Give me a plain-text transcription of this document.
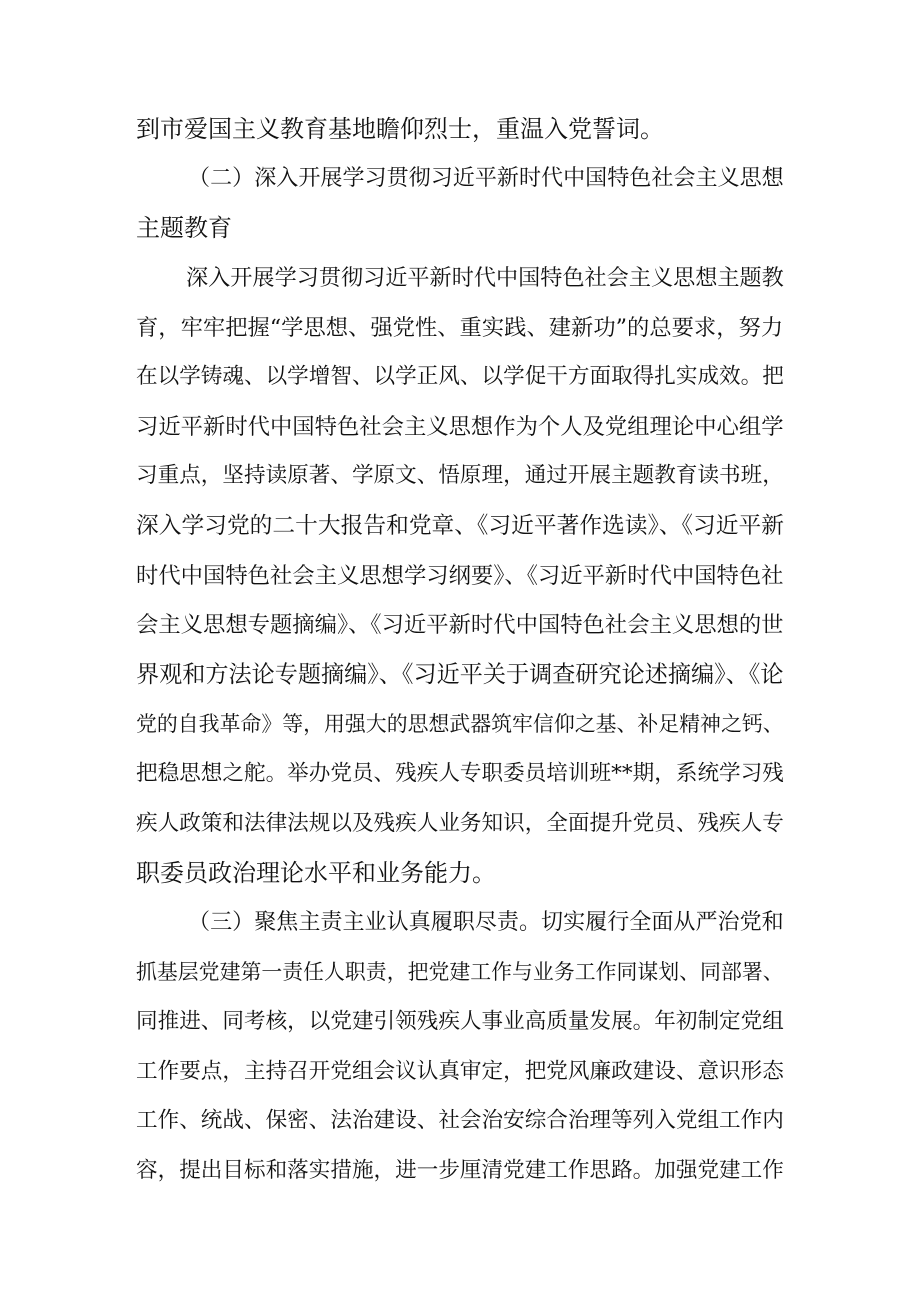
到市爱国主义教育基地瞻仰烈士，重温入党誓词。

（二）深入开展学习贯彻习近平新时代中国特色社会主义思想

主题教育

深入开展学习贯彻习近平新时代中国特色社会主义思想主题教

育，牢牢把握“学思想、强党性、重实践、建新功”的总要求，努力

在以学铸魂、以学增智、以学正风、以学促干方面取得扎实成效。把

习近平新时代中国特色社会主义思想作为个人及党组理论中心组学

习重点，坚持读原著、学原文、悟原理，通过开展主题教育读书班，

深入学习党的二十大报告和党章、《习近平著作选读》、《习近平新

时代中国特色社会主义思想学习纲要》、《习近平新时代中国特色社

会主义思想专题摘编》、《习近平新时代中国特色社会主义思想的世

界观和方法论专题摘编》、《习近平关于调查研究论述摘编》、《论

党的自我革命》等，用强大的思想武器筑牢信仰之基、补足精神之钙、

把稳思想之舵。举办党员、残疾人专职委员培训班**期，系统学习残

疾人政策和法律法规以及残疾人业务知识，全面提升党员、残疾人专

职委员政治理论水平和业务能力。

（三）聚焦主责主业认真履职尽责。切实履行全面从严治党和

抓基层党建第一责任人职责，把党建工作与业务工作同谋划、同部署、

同推进、同考核，以党建引领残疾人事业高质量发展。年初制定党组

工作要点，主持召开党组会议认真审定，把党风廉政建设、意识形态

工作、统战、保密、法治建设、社会治安综合治理等列入党组工作内

容，提出目标和落实措施，进一步厘清党建工作思路。加强党建工作
